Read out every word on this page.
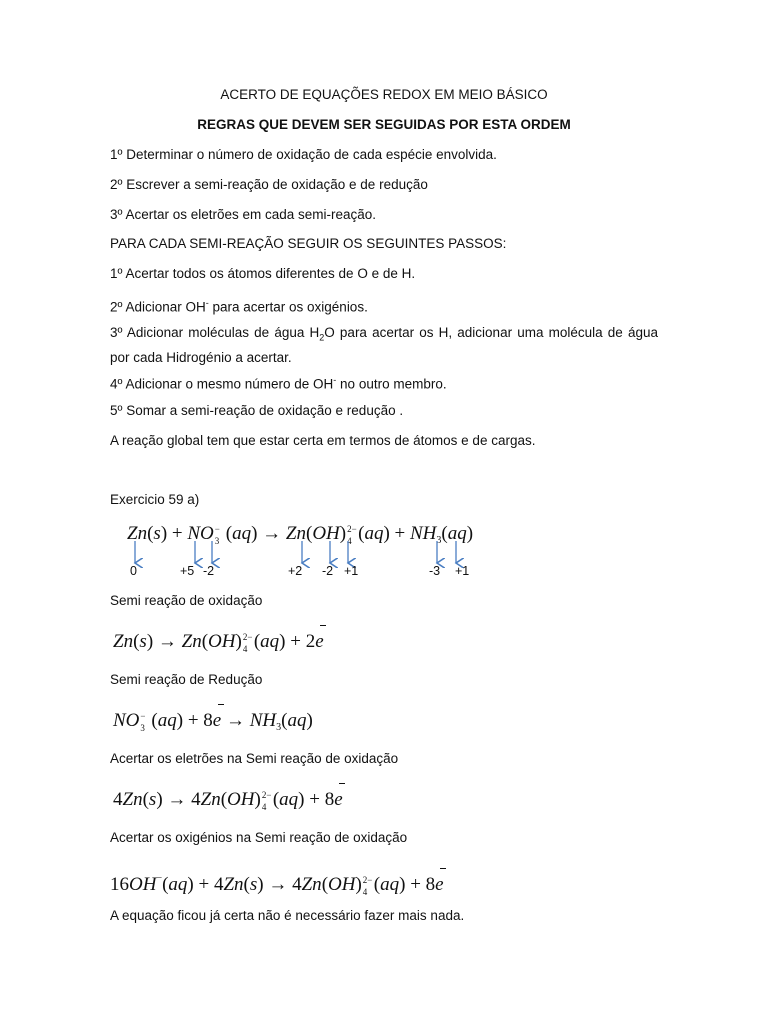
ACERTO DE EQUAÇÕES REDOX EM MEIO BÁSICO
REGRAS QUE DEVEM SER SEGUIDAS POR ESTA ORDEM
1º Determinar o número de oxidação de cada espécie envolvida.
2º Escrever a semi-reação de oxidação e de redução
3º Acertar os eletrões em cada semi-reação.
PARA CADA SEMI-REAÇÃO SEGUIR OS SEGUINTES PASSOS:
1º Acertar todos os átomos diferentes de O e de H.
2º Adicionar OH- para acertar os oxigénios.
3º Adicionar moléculas de água $H_2O$ para acertar os H, adicionar uma molécula de água por cada Hidrogénio a acertar.
4º Adicionar o mesmo número de OH- no outro membro.
5º Somar a semi-reação de oxidação e redução .
A reação global tem que estar certa em termos de átomos e de cargas.
Exercicio 59 a)
Zn(s) + NO −
3 (aq) → Zn(OH) 2−
4 $(aq) + NH_3(aq)$
0	+5 -2	+2 -2 +1	-3 +1
Semi reação de oxidação
Zn(s) → Zn(OH) 2−
4 (aq) + 2e
Semi reação de Redução
NO −
3 $(aq) + 8e \to NH_3(aq)$
Acertar os eletrões na Semi reação de oxidação
4Zn(s) → 4Zn(OH) 2−
4 (aq) + 8e
Acertar os oxigénios na Semi reação de oxidação
16OH−(aq) + 4Zn(s) → 4Zn(OH) 2−
4 (aq) + 8e
A equação ficou já certa não é necessário fazer mais nada.
